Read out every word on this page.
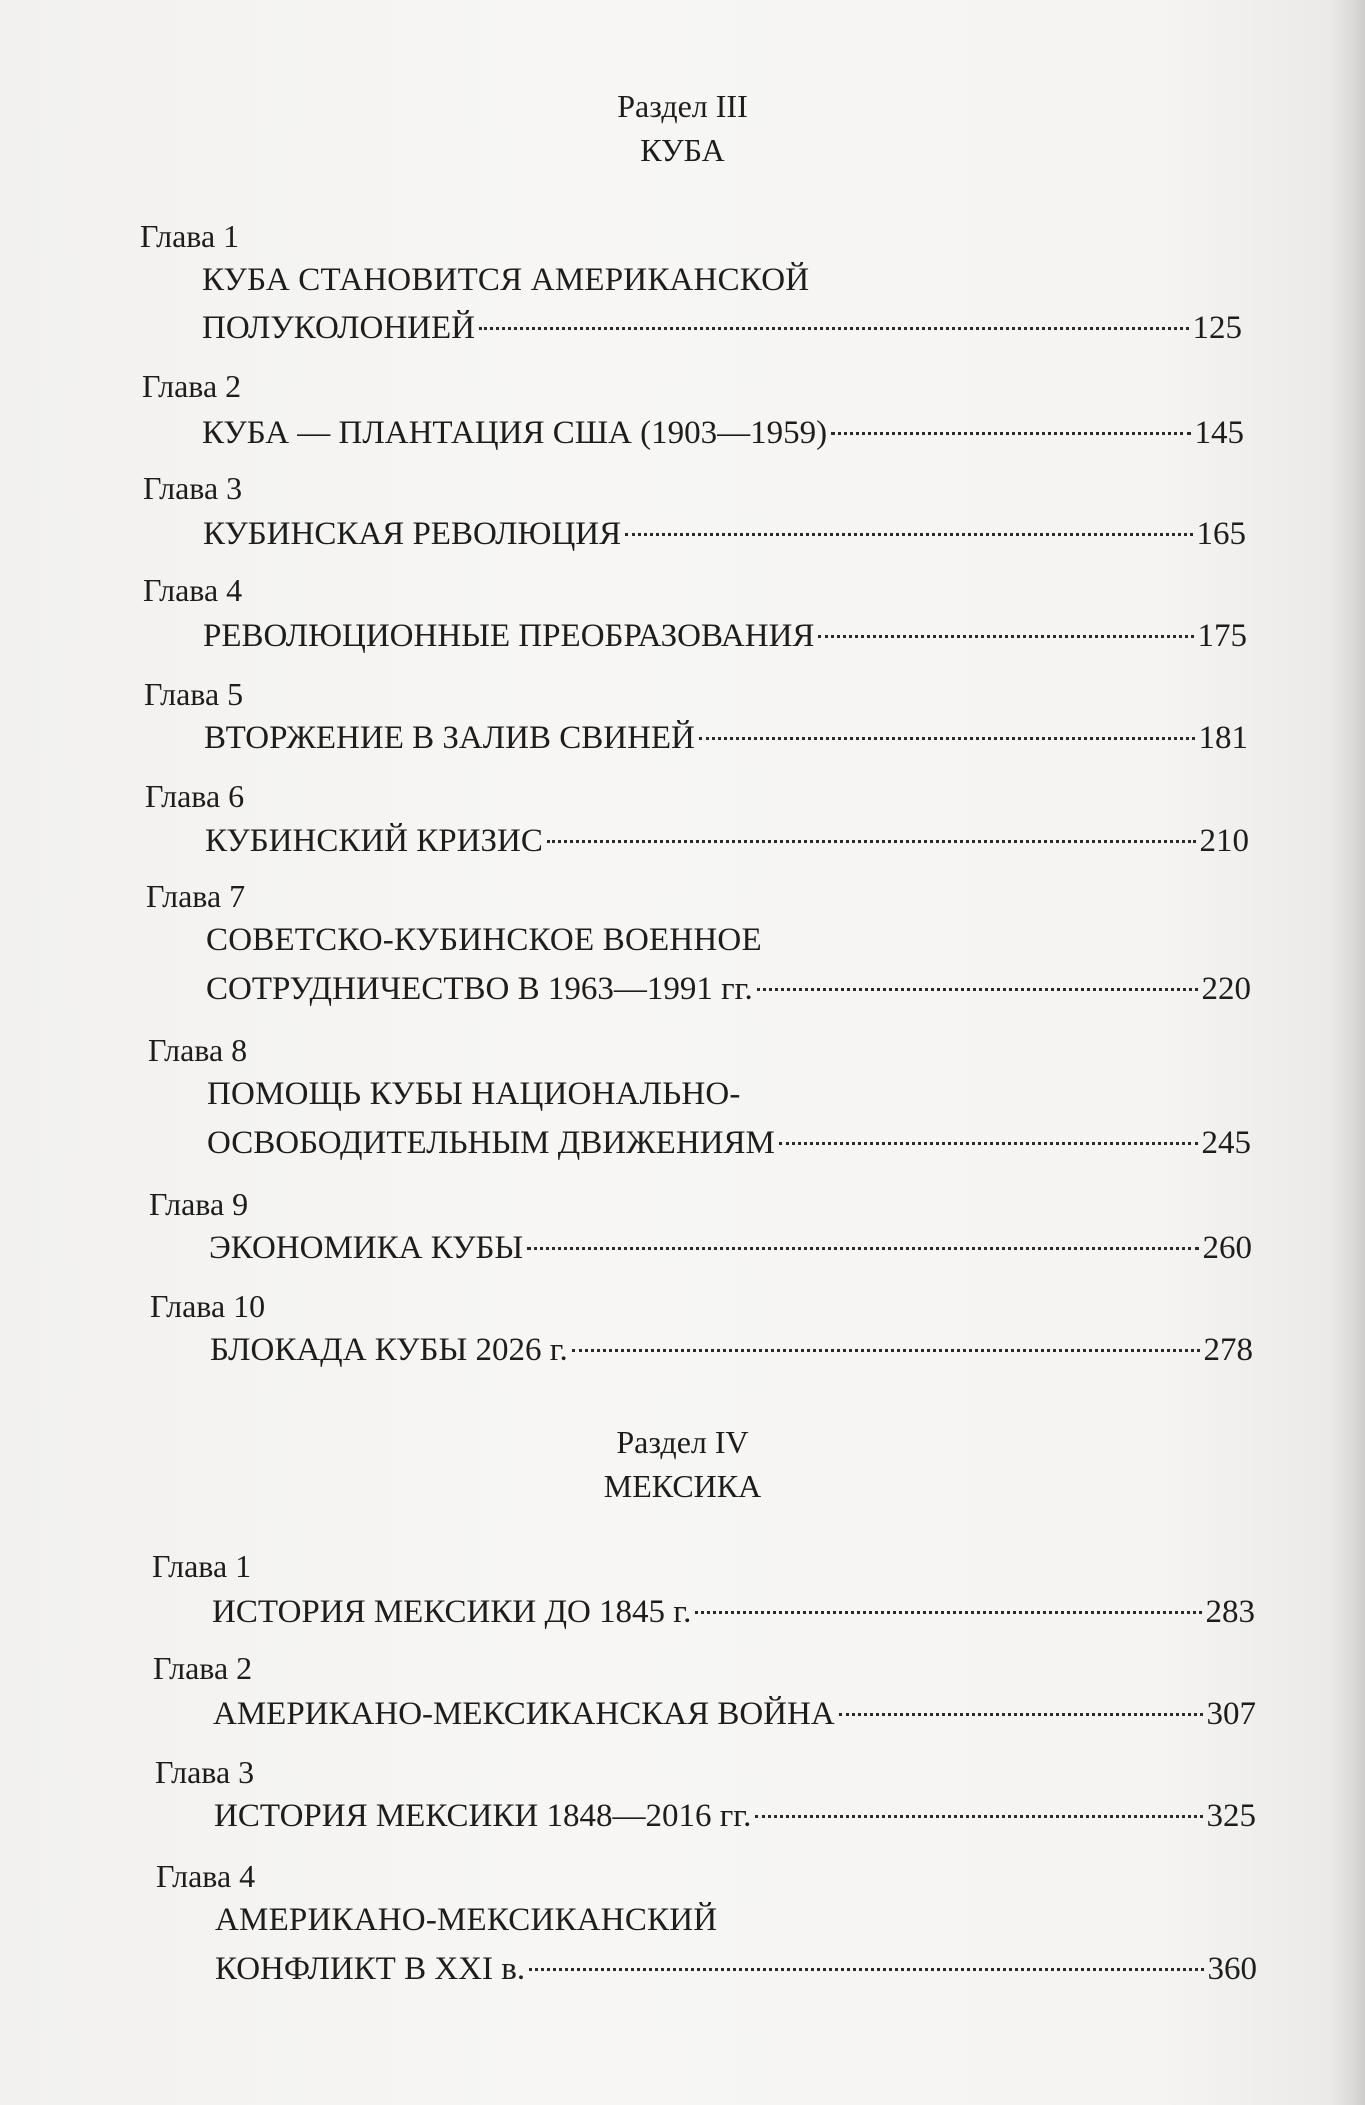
Раздел III
КУБА
Глава 1
КУБА СТАНОВИТСЯ АМЕРИКАНСКОЙ
ПОЛУКОЛОНИЕЙ	125
Глава 2
КУБА — ПЛАНТАЦИЯ США (1903—1959)	145
Глава 3
КУБИНСКАЯ РЕВОЛЮЦИЯ	165
Глава 4
РЕВОЛЮЦИОННЫЕ ПРЕОБРАЗОВАНИЯ	175
Глава 5
ВТОРЖЕНИЕ В ЗАЛИВ СВИНЕЙ	181
Глава 6
КУБИНСКИЙ КРИЗИС	210
Глава 7
СОВЕТСКО-КУБИНСКОЕ ВОЕННОЕ
СОТРУДНИЧЕСТВО В 1963—1991 гг.	220
Глава 8
ПОМОЩЬ КУБЫ НАЦИОНАЛЬНО-
ОСВОБОДИТЕЛЬНЫМ ДВИЖЕНИЯМ	245
Глава 9
ЭКОНОМИКА КУБЫ	260
Глава 10
БЛОКАДА КУБЫ 2026 г.	278
Раздел IV
МЕКСИКА
Глава 1
ИСТОРИЯ МЕКСИКИ ДО 1845 г.	283
Глава 2
АМЕРИКАНО-МЕКСИКАНСКАЯ ВОЙНА	307
Глава 3
ИСТОРИЯ МЕКСИКИ 1848—2016 гг.	325
Глава 4
АМЕРИКАНО-МЕКСИКАНСКИЙ
КОНФЛИКТ В XXI в.	360
